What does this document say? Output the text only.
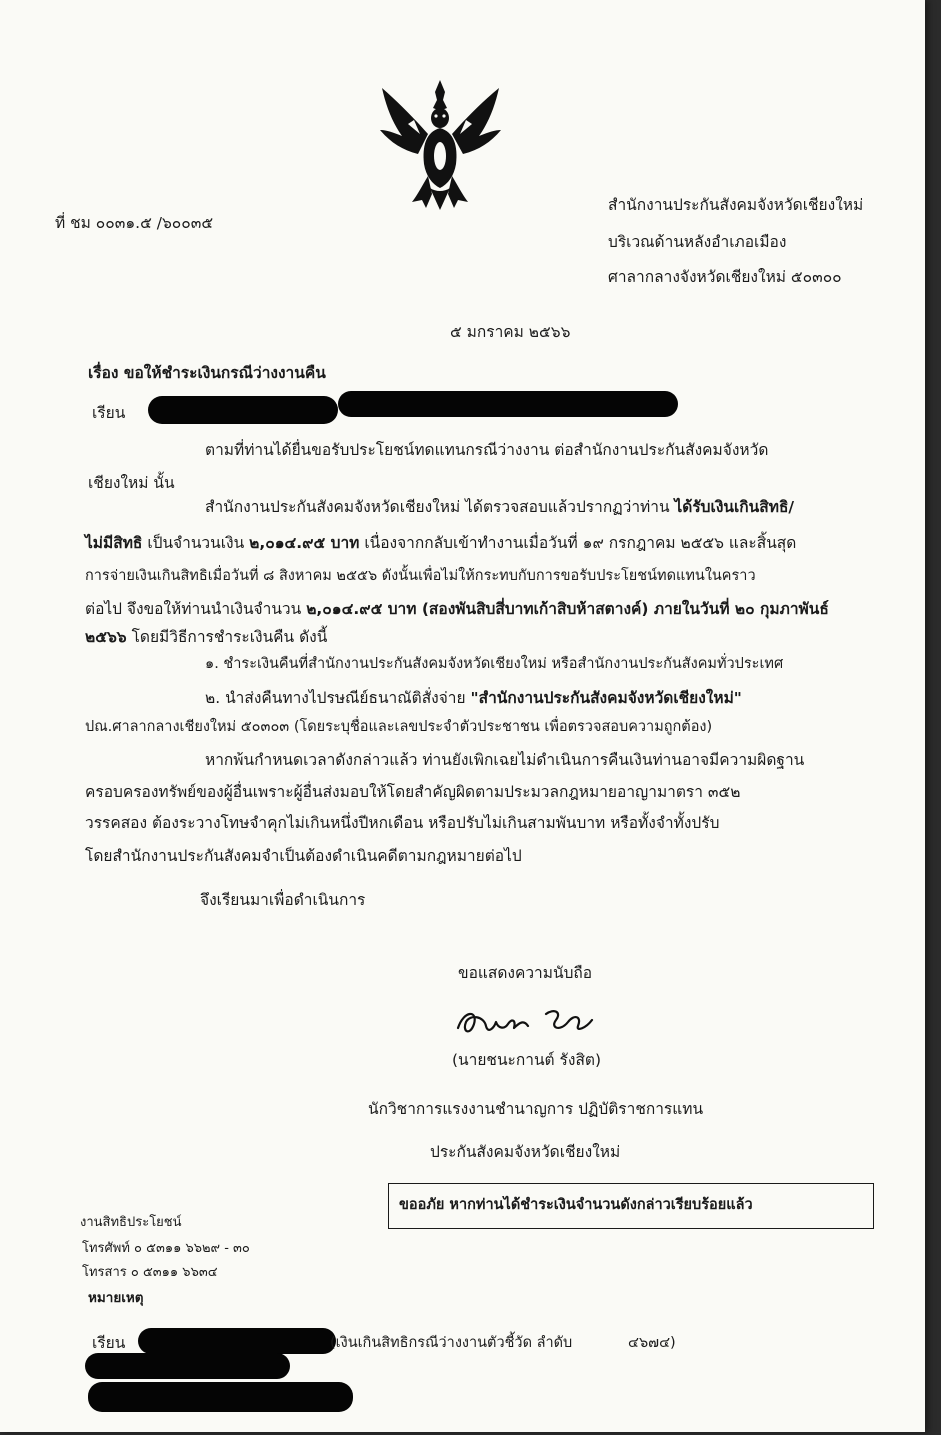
ที่ ชม ๐๐๓๑.๕ /๖๐๐๓๕

สำนักงานประกันสังคมจังหวัดเชียงใหม่

บริเวณด้านหลังอำเภอเมือง

ศาลากลางจังหวัดเชียงใหม่ ๕๐๓๐๐

๕ มกราคม ๒๕๖๖

เรื่อง ขอให้ชำระเงินกรณีว่างงานคืน

เรียน

ตามที่ท่านได้ยื่นขอรับประโยชน์ทดแทนกรณีว่างงาน ต่อสำนักงานประกันสังคมจังหวัด

เชียงใหม่ นั้น

สำนักงานประกันสังคมจังหวัดเชียงใหม่ ได้ตรวจสอบแล้วปรากฏว่าท่าน ได้รับเงินเกินสิทธิ/

ไม่มีสิทธิ เป็นจำนวนเงิน ๒,๐๑๔.๙๕ บาท เนื่องจากกลับเข้าทำงานเมื่อวันที่ ๑๙ กรกฎาคม ๒๕๕๖ และสิ้นสุด

การจ่ายเงินเกินสิทธิเมื่อวันที่ ๘ สิงหาคม ๒๕๕๖ ดังนั้นเพื่อไม่ให้กระทบกับการขอรับประโยชน์ทดแทนในคราว

ต่อไป จึงขอให้ท่านนำเงินจำนวน ๒,๐๑๔.๙๕ บาท (สองพันสิบสี่บาทเก้าสิบห้าสตางค์) ภายในวันที่ ๒๐ กุมภาพันธ์

๒๕๖๖ โดยมีวิธีการชำระเงินคืน ดังนี้

๑. ชำระเงินคืนที่สำนักงานประกันสังคมจังหวัดเชียงใหม่ หรือสำนักงานประกันสังคมทั่วประเทศ

๒. นำส่งคืนทางไปรษณีย์ธนาณัติสั่งจ่าย "สำนักงานประกันสังคมจังหวัดเชียงใหม่"

ปณ.ศาลากลางเชียงใหม่ ๕๐๓๐๓ (โดยระบุชื่อและเลขประจำตัวประชาชน เพื่อตรวจสอบความถูกต้อง)

หากพ้นกำหนดเวลาดังกล่าวแล้ว ท่านยังเพิกเฉยไม่ดำเนินการคืนเงินท่านอาจมีความผิดฐาน

ครอบครองทรัพย์ของผู้อื่นเพราะผู้อื่นส่งมอบให้โดยสำคัญผิดตามประมวลกฎหมายอาญามาตรา ๓๕๒

วรรคสอง ต้องระวางโทษจำคุกไม่เกินหนึ่งปีหกเดือน หรือปรับไม่เกินสามพันบาท หรือทั้งจำทั้งปรับ

โดยสำนักงานประกันสังคมจำเป็นต้องดำเนินคดีตามกฎหมายต่อไป

จึงเรียนมาเพื่อดำเนินการ

ขอแสดงความนับถือ

(นายชนะกานต์ รังสิต)

นักวิชาการแรงงานชำนาญการ ปฏิบัติราชการแทน

ประกันสังคมจังหวัดเชียงใหม่

ขออภัย หากท่านได้ชำระเงินจำนวนดังกล่าวเรียบร้อยแล้ว

งานสิทธิประโยชน์

โทรศัพท์ ๐ ๕๓๑๑ ๖๖๒๙ - ๓๐

โทรสาร ๐ ๕๓๑๑ ๖๖๓๔

หมายเหตุ

เรียน	(เงินเกินสิทธิกรณีว่างงานตัวชี้วัด ลำดับ	๔๖๗๔)
